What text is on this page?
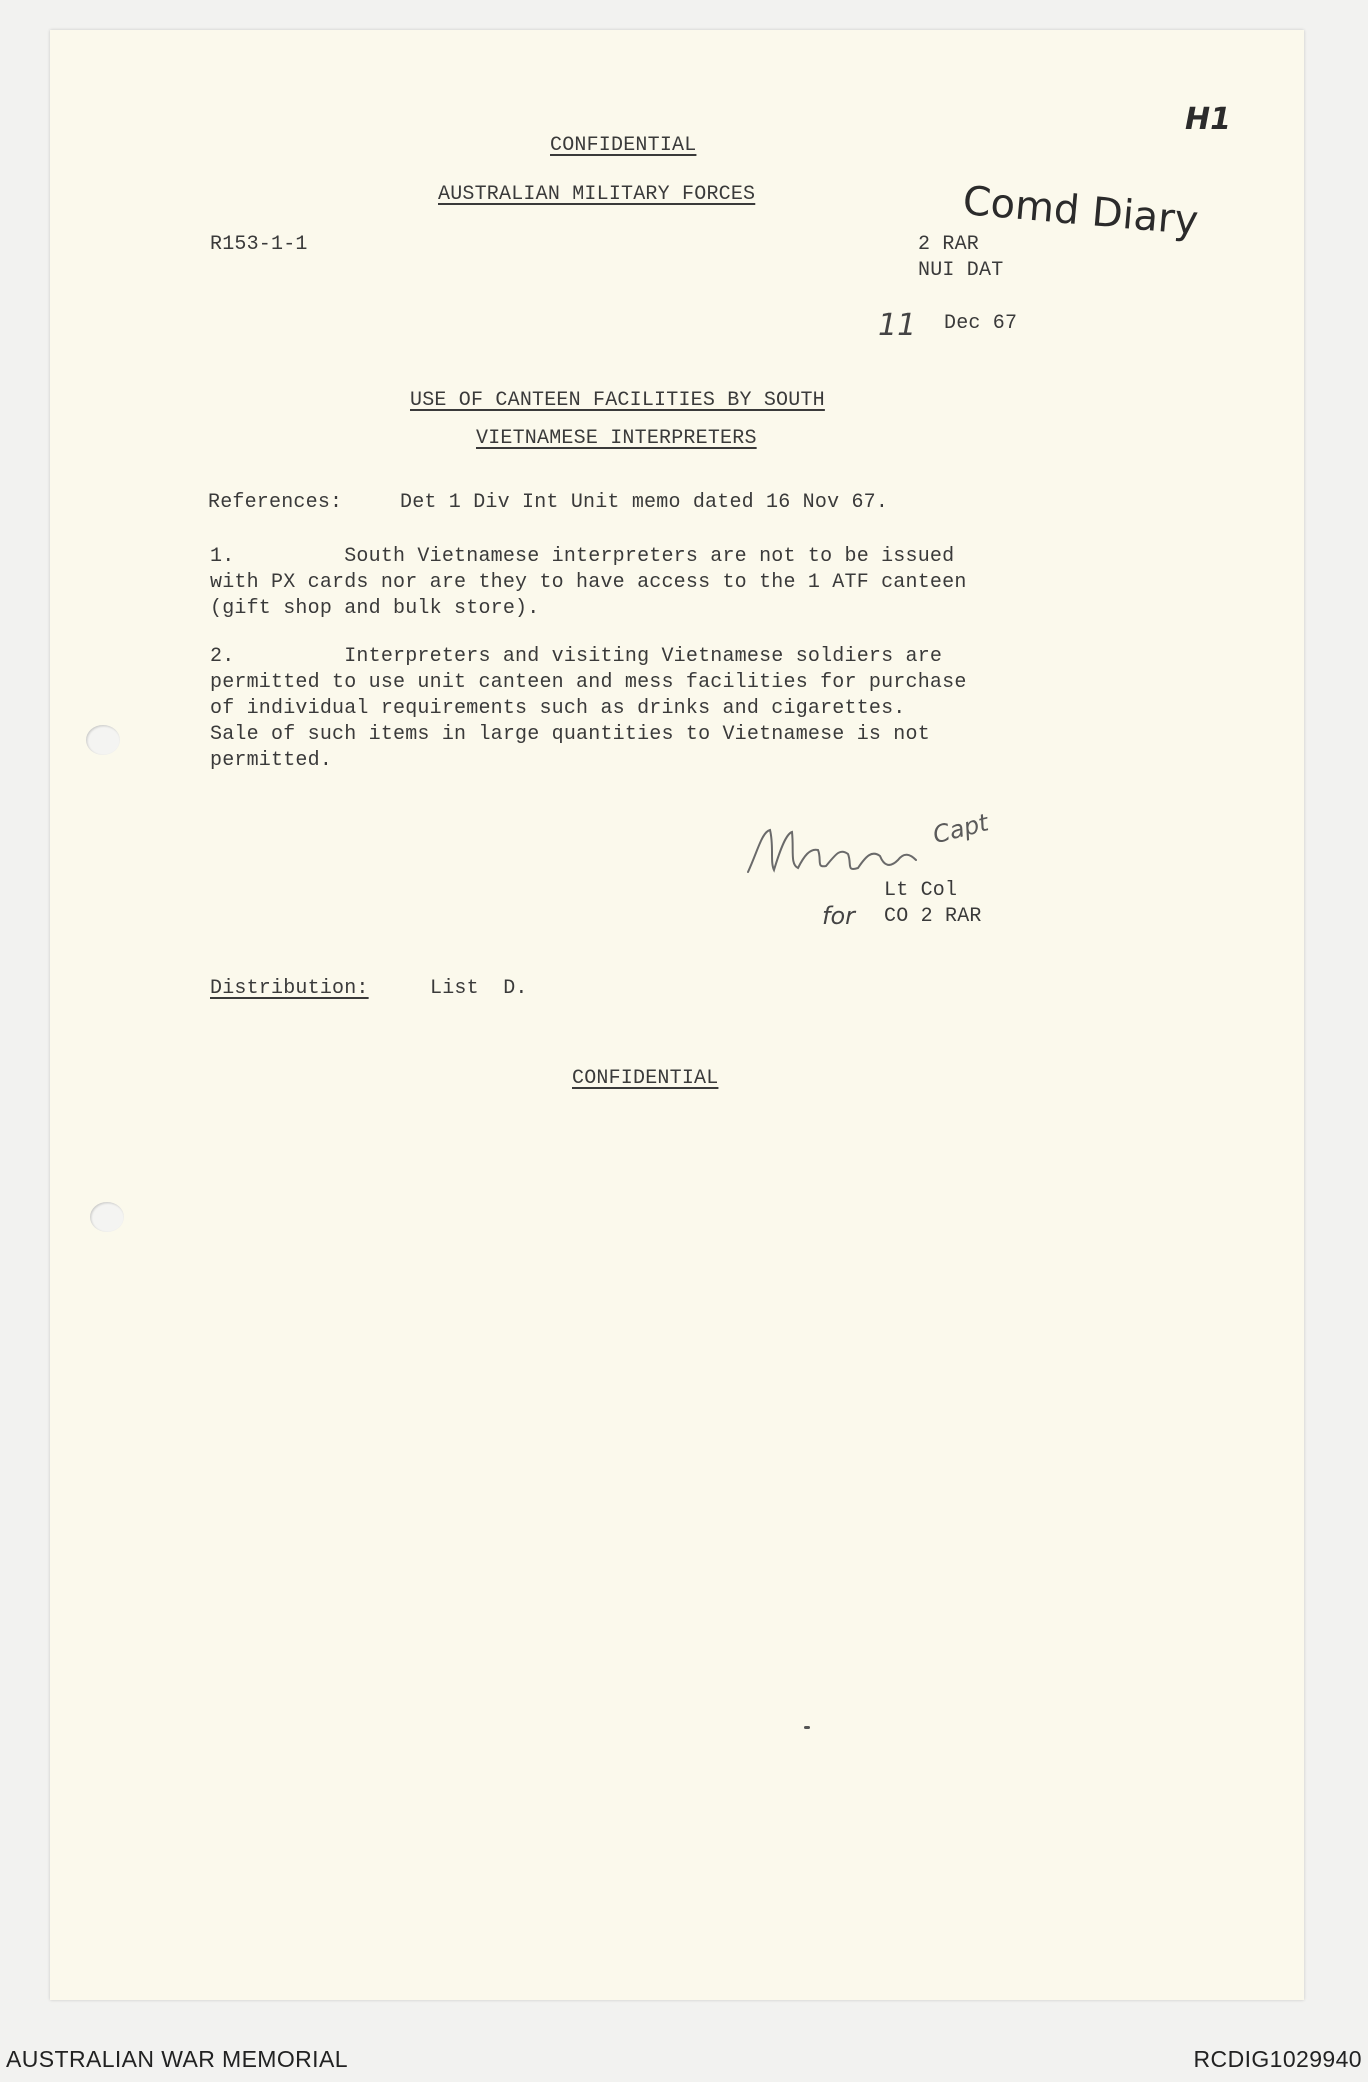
H1
Comd Diary
CONFIDENTIAL
AUSTRALIAN MILITARY FORCES
R153-1-1	2 RAR
NUI DAT
11 Dec 67
USE OF CANTEEN FACILITIES BY SOUTH
VIETNAMESE INTERPRETERS
References:	Det 1 Div Int Unit memo dated 16 Nov 67.
1.         South Vietnamese interpreters are not to be issued
with PX cards nor are they to have access to the 1 ATF canteen
(gift shop and bulk store).
2.         Interpreters and visiting Vietnamese soldiers are
permitted to use unit canteen and mess facilities for purchase
of individual requirements such as drinks and cigarettes.
Sale of such items in large quantities to Vietnamese is not
permitted.
Capt
Lt Col
for CO 2 RAR
Distribution:	List  D.
CONFIDENTIAL
AUSTRALIAN WAR MEMORIAL	RCDIG1029940
